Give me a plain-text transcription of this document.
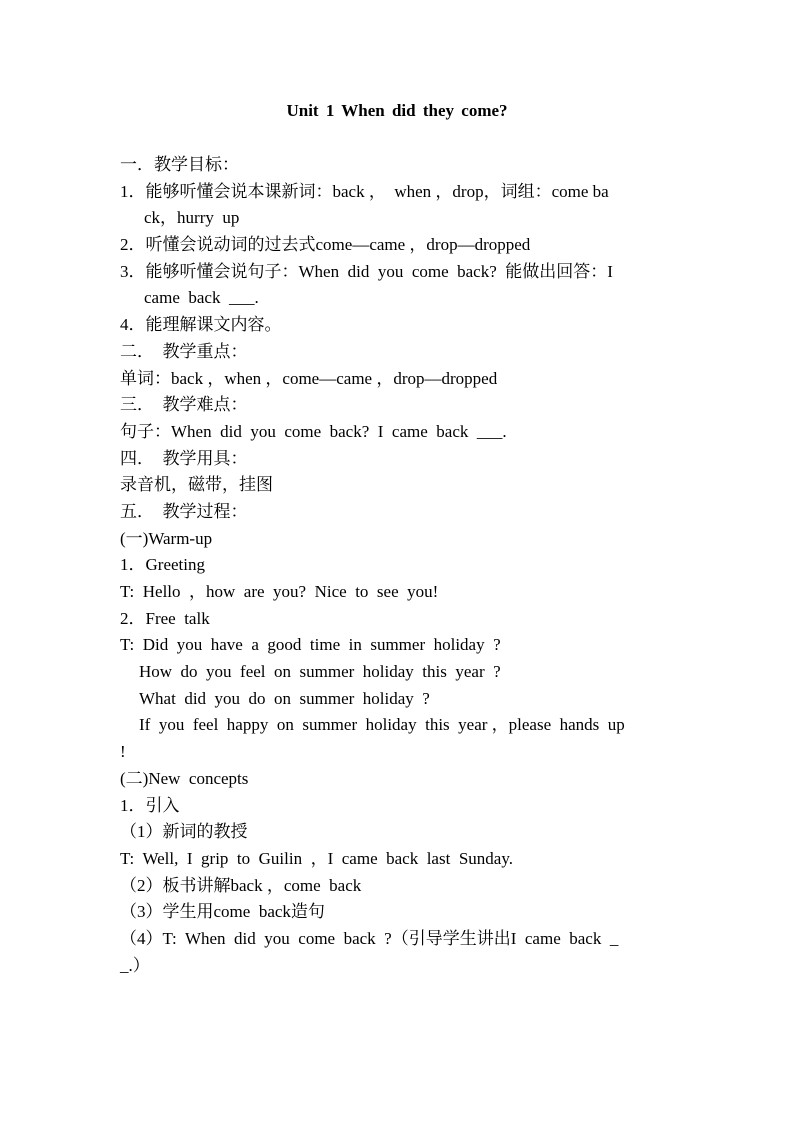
Unit 1 When did they come?
一．教学目标：
1．能够听懂会说本课新词：back ，  when ，drop，词组：come ba
ck，hurry  up
2．听懂会说动词的过去式come—came ，drop—dropped
3．能够听懂会说句子：When  did  you  come  back?  能做出回答：I
came  back  ___.
4．能理解课文内容。
二．  教学重点：
单词：back ，when ，come—came ，drop—dropped
三．  教学难点：
句子：When  did  you  come  back?  I  came  back  ___.
四．  教学用具：
录音机，磁带，挂图
五．  教学过程：
(一)Warm-up
1．Greeting
T:  Hello  ，how  are  you?  Nice  to  see  you!
2．Free  talk
T:  Did  you  have  a  good  time  in  summer  holiday  ?
How  do  you  feel  on  summer  holiday  this  year  ?
What  did  you  do  on  summer  holiday  ?
If  you  feel  happy  on  summer  holiday  this  year ，please  hands  up
!
(二)New  concepts
1．引入
（1）新词的教授
T:  Well,  I  grip  to  Guilin  ，I  came  back  last  Sunday.
（2）板书讲解back ，come  back
（3）学生用come  back造句
（4）T:  When  did  you  come  back  ?（引导学生讲出I  came  back  _
_.）
